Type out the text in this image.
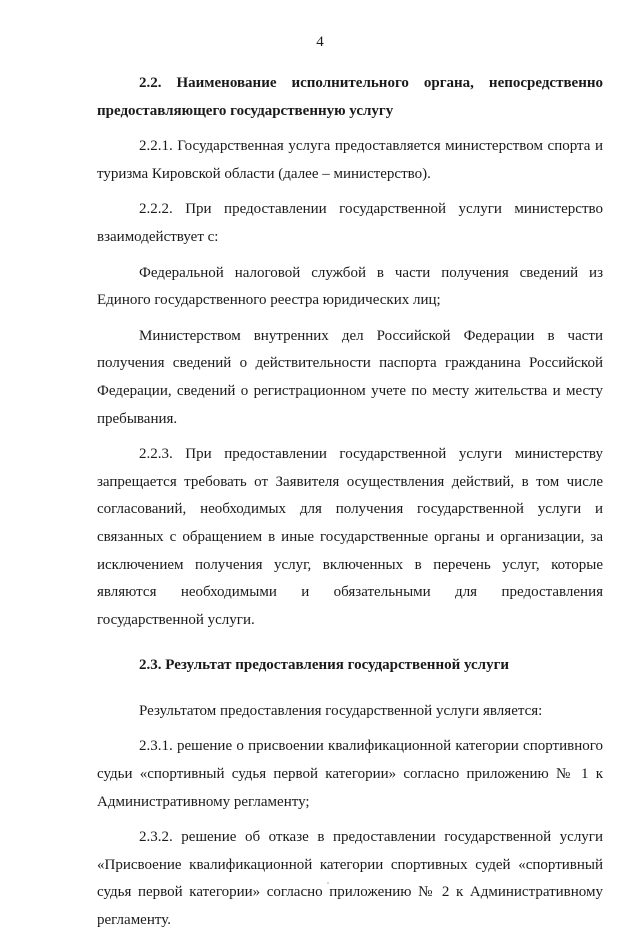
4

2.2. Наименование исполнительного органа, непосредственно предоставляющего государственную услугу

2.2.1. Государственная услуга предоставляется министерством спорта и туризма Кировской области (далее – министерство).

2.2.2. При предоставлении государственной услуги министерство взаимодействует с:

Федеральной налоговой службой в части получения сведений из Единого государственного реестра юридических лиц;

Министерством внутренних дел Российской Федерации в части получения сведений о действительности паспорта гражданина Российской Федерации, сведений о регистрационном учете по месту жительства и месту пребывания.

2.2.3. При предоставлении государственной услуги министерству запрещается требовать от Заявителя осуществления действий, в том числе согласований, необходимых для получения государственной услуги и связанных с обращением в иные государственные органы и организации, за исключением получения услуг, включенных в перечень услуг, которые являются необходимыми и обязательными для предоставления государственной услуги.

2.3. Результат предоставления государственной услуги

Результатом предоставления государственной услуги является:

2.3.1. решение о присвоении квалификационной категории спортивного судьи «спортивный судья первой категории» согласно приложению № 1 к Административному регламенту;

2.3.2. решение об отказе в предоставлении государственной услуги «Присвоение квалификационной категории спортивных судей «спортивный судья первой категории» согласно приложению № 2 к Административному регламенту.
